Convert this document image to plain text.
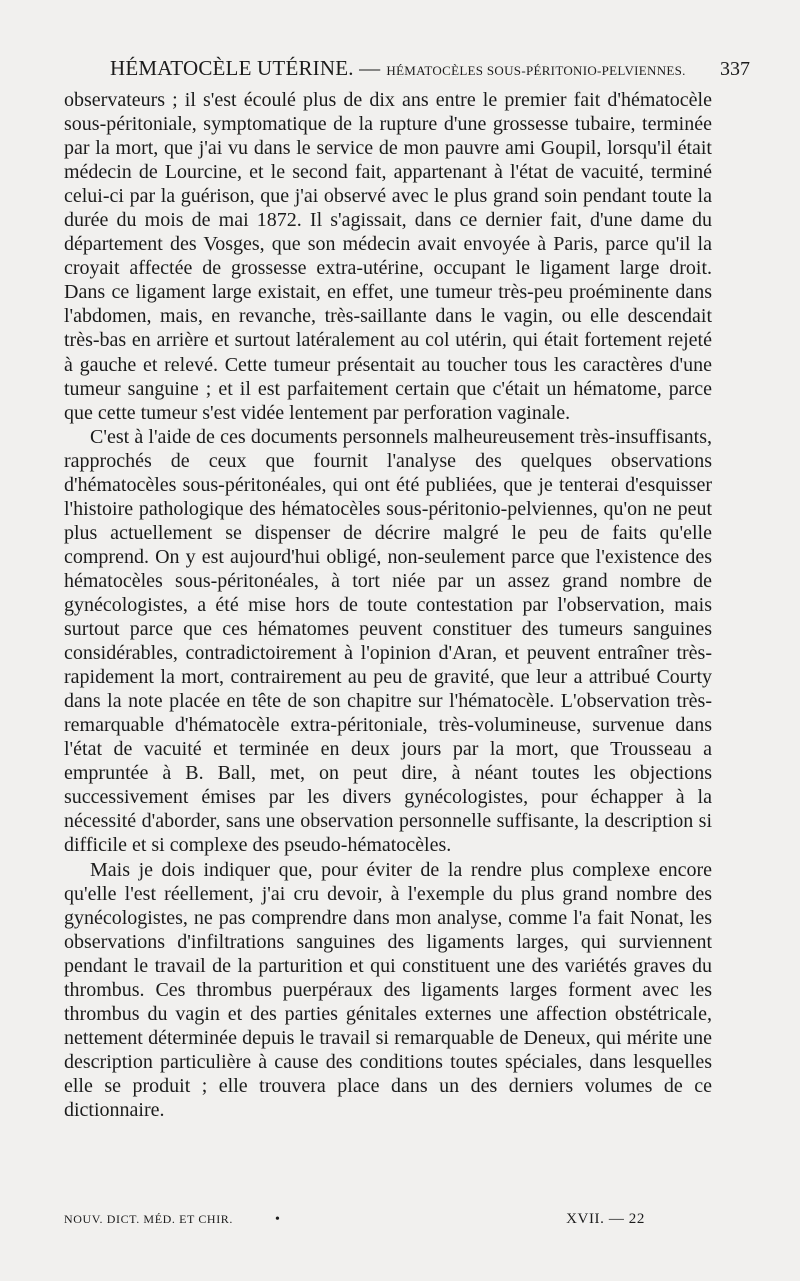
HÉMATOCÈLE UTÉRINE. — HÉMATOCÈLES SOUS-PÉRITONIO-PELVIENNES. 337

observateurs ; il s'est écoulé plus de dix ans entre le premier fait d'hématocèle sous-péritoniale, symptomatique de la rupture d'une grossesse tubaire, terminée par la mort, que j'ai vu dans le service de mon pauvre ami Goupil, lorsqu'il était médecin de Lourcine, et le second fait, appartenant à l'état de vacuité, terminé celui-ci par la guérison, que j'ai observé avec le plus grand soin pendant toute la durée du mois de mai 1872. Il s'agissait, dans ce dernier fait, d'une dame du département des Vosges, que son médecin avait envoyée à Paris, parce qu'il la croyait affectée de grossesse extra-utérine, occupant le ligament large droit. Dans ce ligament large existait, en effet, une tumeur très-peu proéminente dans l'abdomen, mais, en revanche, très-saillante dans le vagin, ou elle descendait très-bas en arrière et surtout latéralement au col utérin, qui était fortement rejeté à gauche et relevé. Cette tumeur présentait au toucher tous les caractères d'une tumeur sanguine ; et il est parfaitement certain que c'était un hématome, parce que cette tumeur s'est vidée lentement par perforation vaginale.

C'est à l'aide de ces documents personnels malheureusement très-insuffisants, rapprochés de ceux que fournit l'analyse des quelques observations d'hématocèles sous-péritonéales, qui ont été publiées, que je tenterai d'esquisser l'histoire pathologique des hématocèles sous-péritonio-pelviennes, qu'on ne peut plus actuellement se dispenser de décrire malgré le peu de faits qu'elle comprend. On y est aujourd'hui obligé, non-seulement parce que l'existence des hématocèles sous-péritonéales, à tort niée par un assez grand nombre de gynécologistes, a été mise hors de toute contestation par l'observation, mais surtout parce que ces hématomes peuvent constituer des tumeurs sanguines considérables, contradictoirement à l'opinion d'Aran, et peuvent entraîner très-rapidement la mort, contrairement au peu de gravité, que leur a attribué Courty dans la note placée en tête de son chapitre sur l'hématocèle. L'observation très-remarquable d'hématocèle extra-péritoniale, très-volumineuse, survenue dans l'état de vacuité et terminée en deux jours par la mort, que Trousseau a empruntée à B. Ball, met, on peut dire, à néant toutes les objections successivement émises par les divers gynécologistes, pour échapper à la nécessité d'aborder, sans une observation personnelle suffisante, la description si difficile et si complexe des pseudo-hématocèles.

Mais je dois indiquer que, pour éviter de la rendre plus complexe encore qu'elle l'est réellement, j'ai cru devoir, à l'exemple du plus grand nombre des gynécologistes, ne pas comprendre dans mon analyse, comme l'a fait Nonat, les observations d'infiltrations sanguines des ligaments larges, qui surviennent pendant le travail de la parturition et qui constituent une des variétés graves du thrombus. Ces thrombus puerpéraux des ligaments larges forment avec les thrombus du vagin et des parties génitales externes une affection obstétricale, nettement déterminée depuis le travail si remarquable de Deneux, qui mérite une description particulière à cause des conditions toutes spéciales, dans lesquelles elle se produit ; elle trouvera place dans un des derniers volumes de ce dictionnaire.

NOUV. DICT. MÉD. ET CHIR.	•	XVII. — 22
